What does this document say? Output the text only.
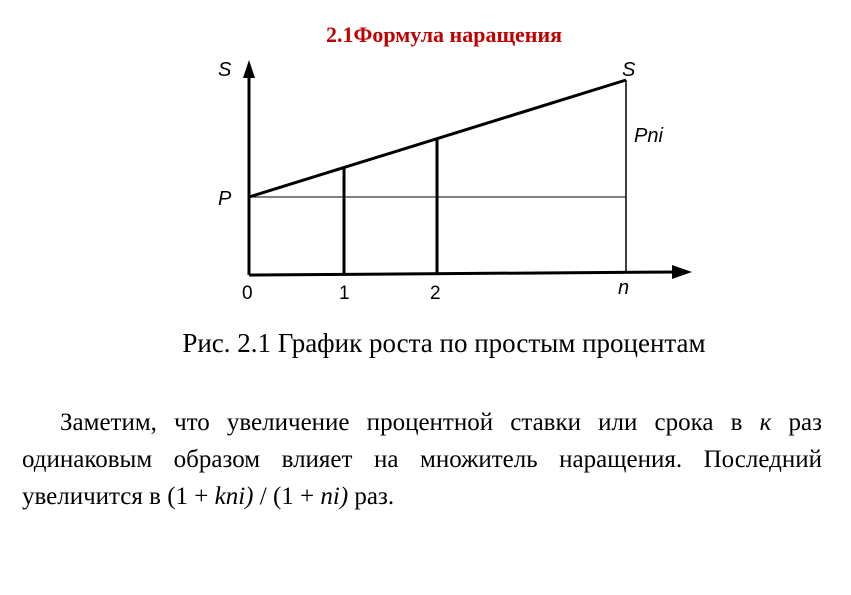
2.1Формула наращения
S	S
Pni
P
0	1	2	n
Рис. 2.1 График роста по простым процентам

Заметим, что увеличение процентной ставки или срока в к раз одинаковым образом влияет на множитель наращения. Последний увеличится в (1 + kni) / (1 + ni) раз.
